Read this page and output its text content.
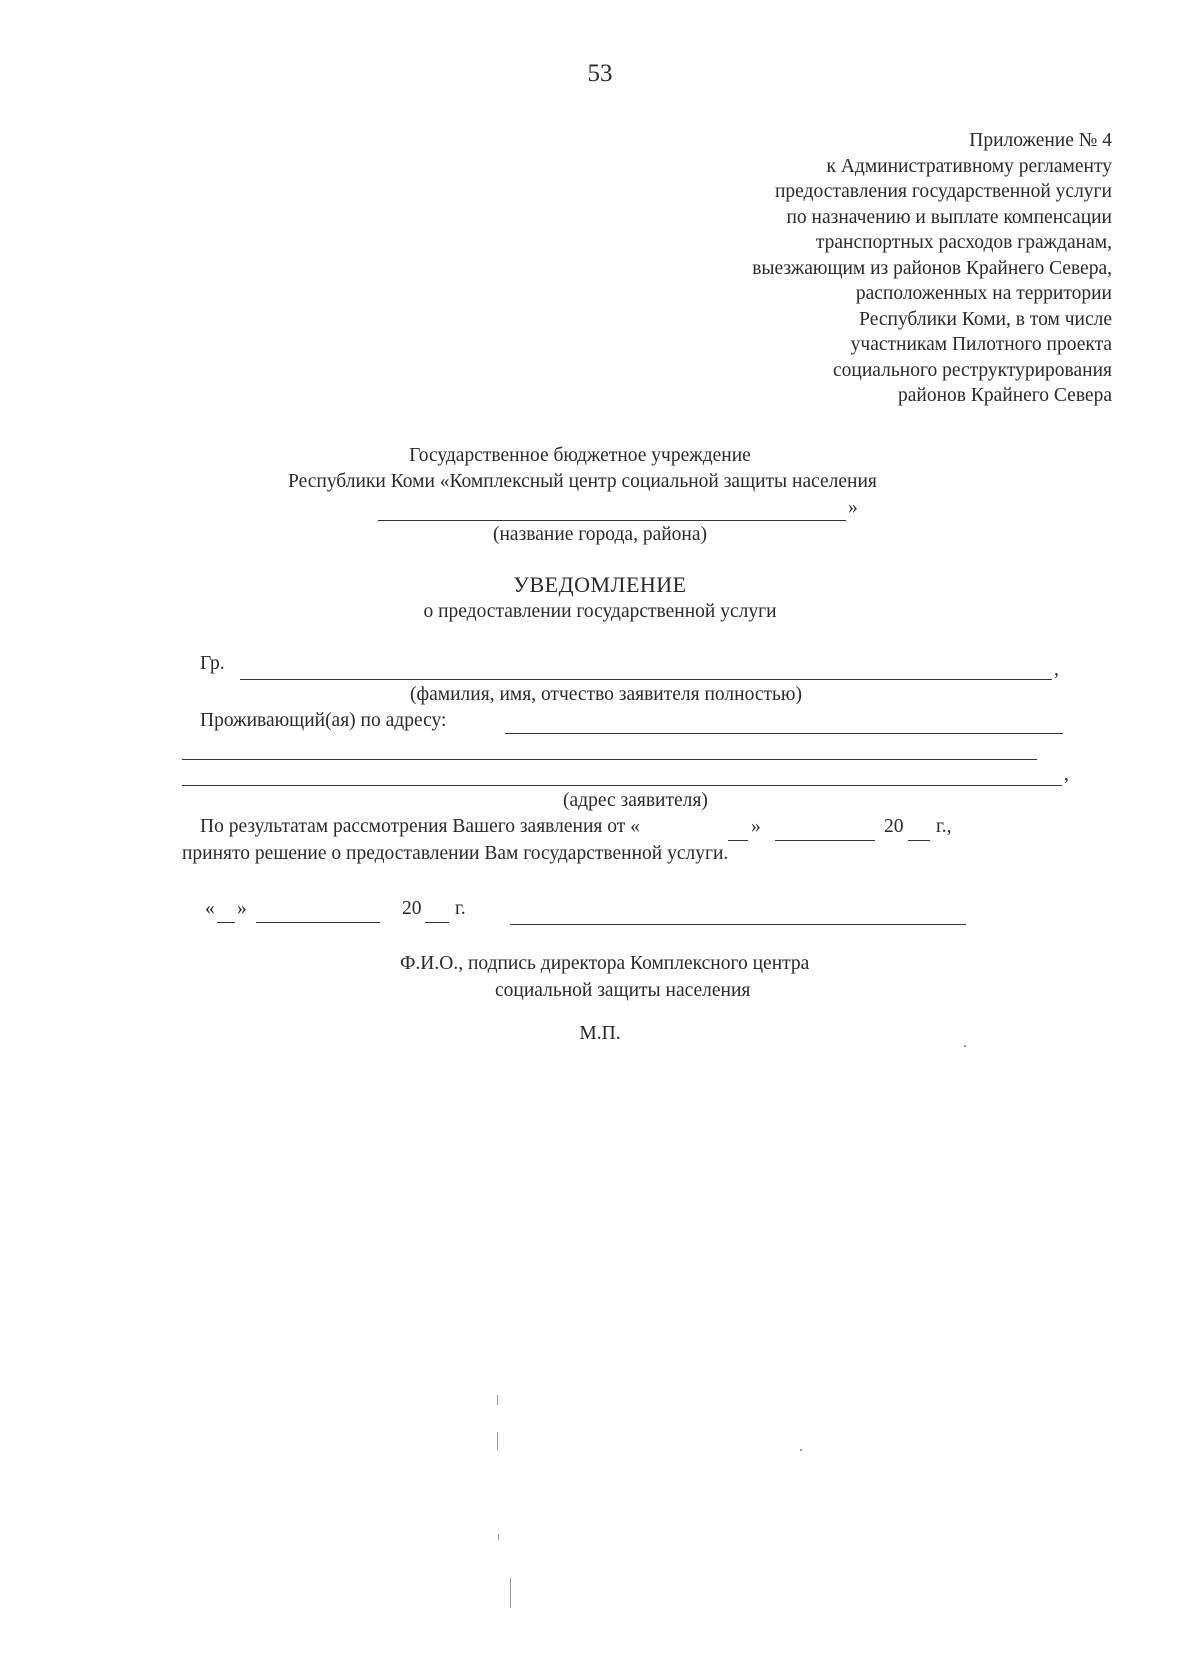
53
Приложение № 4
к Административному регламенту
предоставления государственной услуги
по назначению и выплате компенсации
транспортных расходов гражданам,
выезжающим из районов Крайнего Севера,
расположенных на территории
Республики Коми, в том числе
участникам Пилотного проекта
социального реструктурирования
районов Крайнего Севера
Государственное бюджетное учреждение
Республики Коми «Комплексный центр социальной защиты населения
»
(название города, района)
УВЕДОМЛЕНИЕ
о предоставлении государственной услуги
Гр.	,
(фамилия, имя, отчество заявителя полностью)
Проживающий(ая) по адресу:
,
(адрес заявителя)
По результатам рассмотрения Вашего заявления от «	»	20 г.,
принято решение о предоставлении Вам государственной услуги.
« »	20 г.
Ф.И.О., подпись директора Комплексного центра
социальной защиты населения
М.П.
